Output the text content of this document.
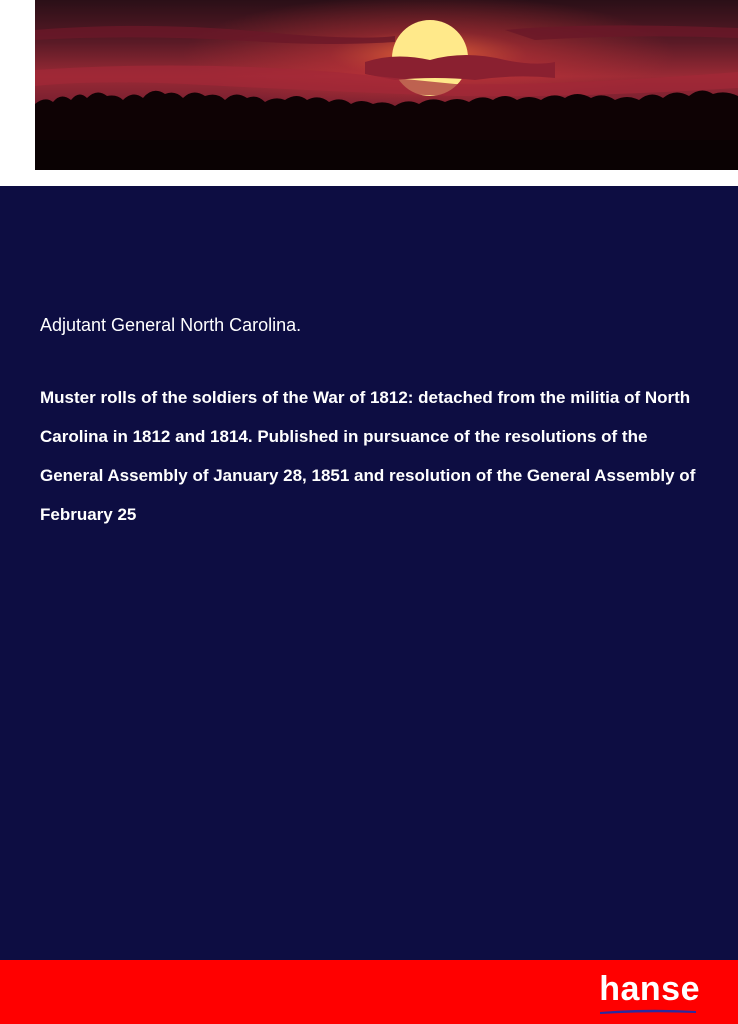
Adjutant General North Carolina.

Muster rolls of the soldiers of the War of 1812: detached from the militia of North Carolina in 1812 and 1814. Published in pursuance of the resolutions of the General Assembly of January 28, 1851 and resolution of the General Assembly of February 25

hanse
